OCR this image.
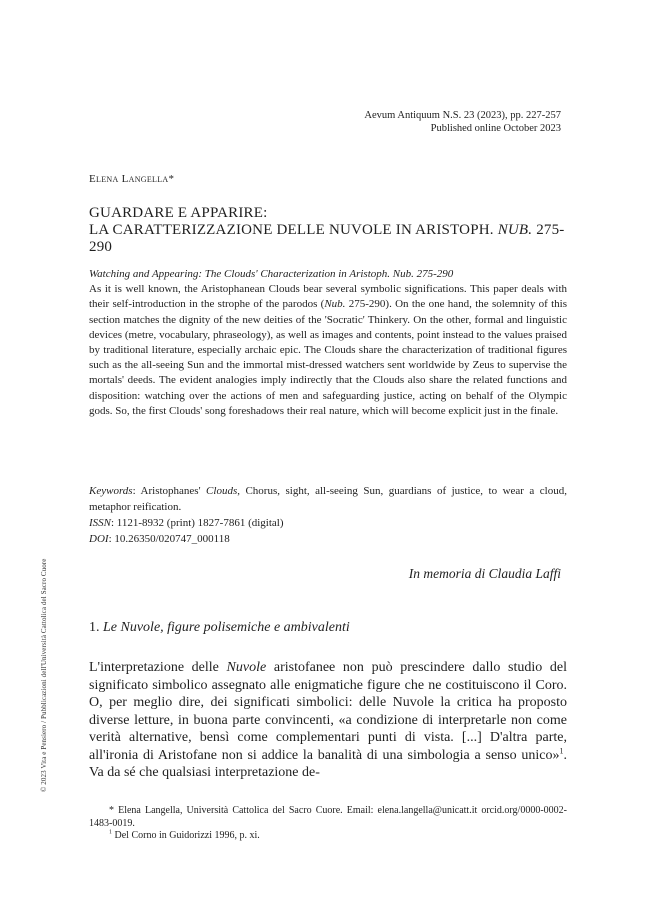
© 2023 Vita e Pensiero / Pubblicazioni dell'Università Cattolica del Sacro Cuore
Aevum Antiquum N.S. 23 (2023), pp. 227-257
Published online October 2023
Elena Langella*
GUARDARE E APPARIRE:
LA CARATTERIZZAZIONE DELLE NUVOLE IN ARISTOPH. NUB. 275-290
Watching and Appearing: The Clouds' Characterization in Aristoph. Nub. 275-290

As it is well known, the Aristophanean Clouds bear several symbolic significations. This paper deals with their self-introduction in the strophe of the parodos (Nub. 275-290). On the one hand, the solemnity of this section matches the dignity of the new deities of the 'Socratic' Thinkery. On the other, formal and linguistic devices (metre, vocabulary, phraseology), as well as images and contents, point instead to the values praised by traditional literature, especially archaic epic. The Clouds share the characterization of traditional figures such as the all-seeing Sun and the immortal mist-dressed watchers sent worldwide by Zeus to supervise the mortals' deeds. The evident analogies imply indirectly that the Clouds also share the related functions and disposition: watching over the actions of men and safeguarding justice, acting on behalf of the Olympic gods. So, the first Clouds' song foreshadows their real nature, which will become explicit just in the finale.

Keywords: Aristophanes' Clouds, Chorus, sight, all-seeing Sun, guardians of justice, to wear a cloud, metaphor reification.
ISSN: 1121-8932 (print) 1827-7861 (digital)
DOI: 10.26350/020747_000118
In memoria di Claudia Laffi
1. Le Nuvole, figure polisemiche e ambivalenti

L'interpretazione delle Nuvole aristofanee non può prescindere dallo studio del significato simbolico assegnato alle enigmatiche figure che ne costituiscono il Coro. O, per meglio dire, dei significati simbolici: delle Nuvole la critica ha proposto diverse letture, in buona parte convincenti, «a condizione di interpretarle non come verità alternative, bensì come complementari punti di vista. [...] D'altra parte, all'ironia di Aristofane non si addice la banalità di una simbologia a senso unico»$^1$. Va da sé che qualsiasi interpretazione de-

* Elena Langella, Università Cattolica del Sacro Cuore. Email: elena.langella@unicatt.it orcid.org/0000-0002-1483-0019.

$^1$ Del Corno in Guidorizzi 1996, p. xi.
